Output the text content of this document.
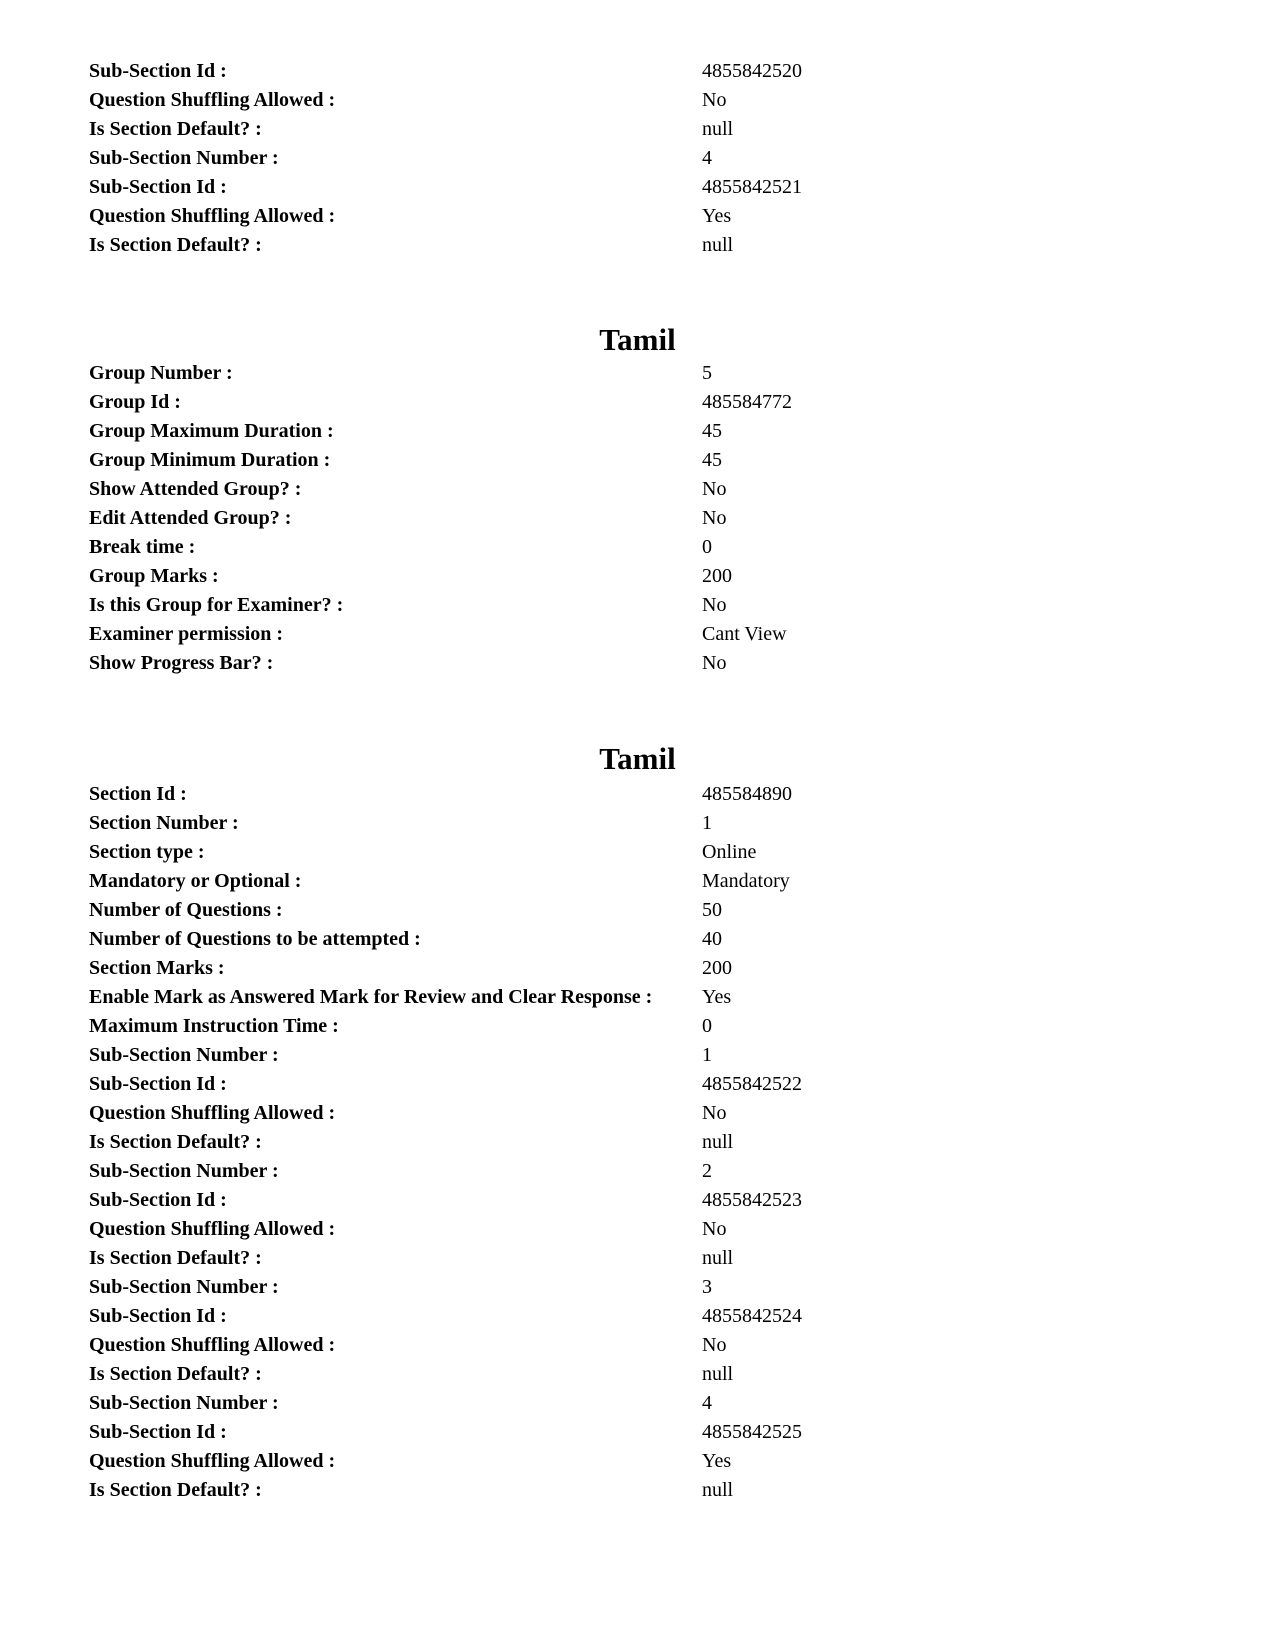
Sub-Section Id :	4855842520
Question Shuffling Allowed :	No
Is Section Default? :	null
Sub-Section Number :	4
Sub-Section Id :	4855842521
Question Shuffling Allowed :	Yes
Is Section Default? :	null
Tamil
Group Number :	5
Group Id :	485584772
Group Maximum Duration :	45
Group Minimum Duration :	45
Show Attended Group? :	No
Edit Attended Group? :	No
Break time :	0
Group Marks :	200
Is this Group for Examiner? :	No
Examiner permission :	Cant View
Show Progress Bar? :	No
Tamil
Section Id :	485584890
Section Number :	1
Section type :	Online
Mandatory or Optional :	Mandatory
Number of Questions :	50
Number of Questions to be attempted :	40
Section Marks :	200
Enable Mark as Answered Mark for Review and Clear Response :	Yes
Maximum Instruction Time :	0
Sub-Section Number :	1
Sub-Section Id :	4855842522
Question Shuffling Allowed :	No
Is Section Default? :	null
Sub-Section Number :	2
Sub-Section Id :	4855842523
Question Shuffling Allowed :	No
Is Section Default? :	null
Sub-Section Number :	3
Sub-Section Id :	4855842524
Question Shuffling Allowed :	No
Is Section Default? :	null
Sub-Section Number :	4
Sub-Section Id :	4855842525
Question Shuffling Allowed :	Yes
Is Section Default? :	null
